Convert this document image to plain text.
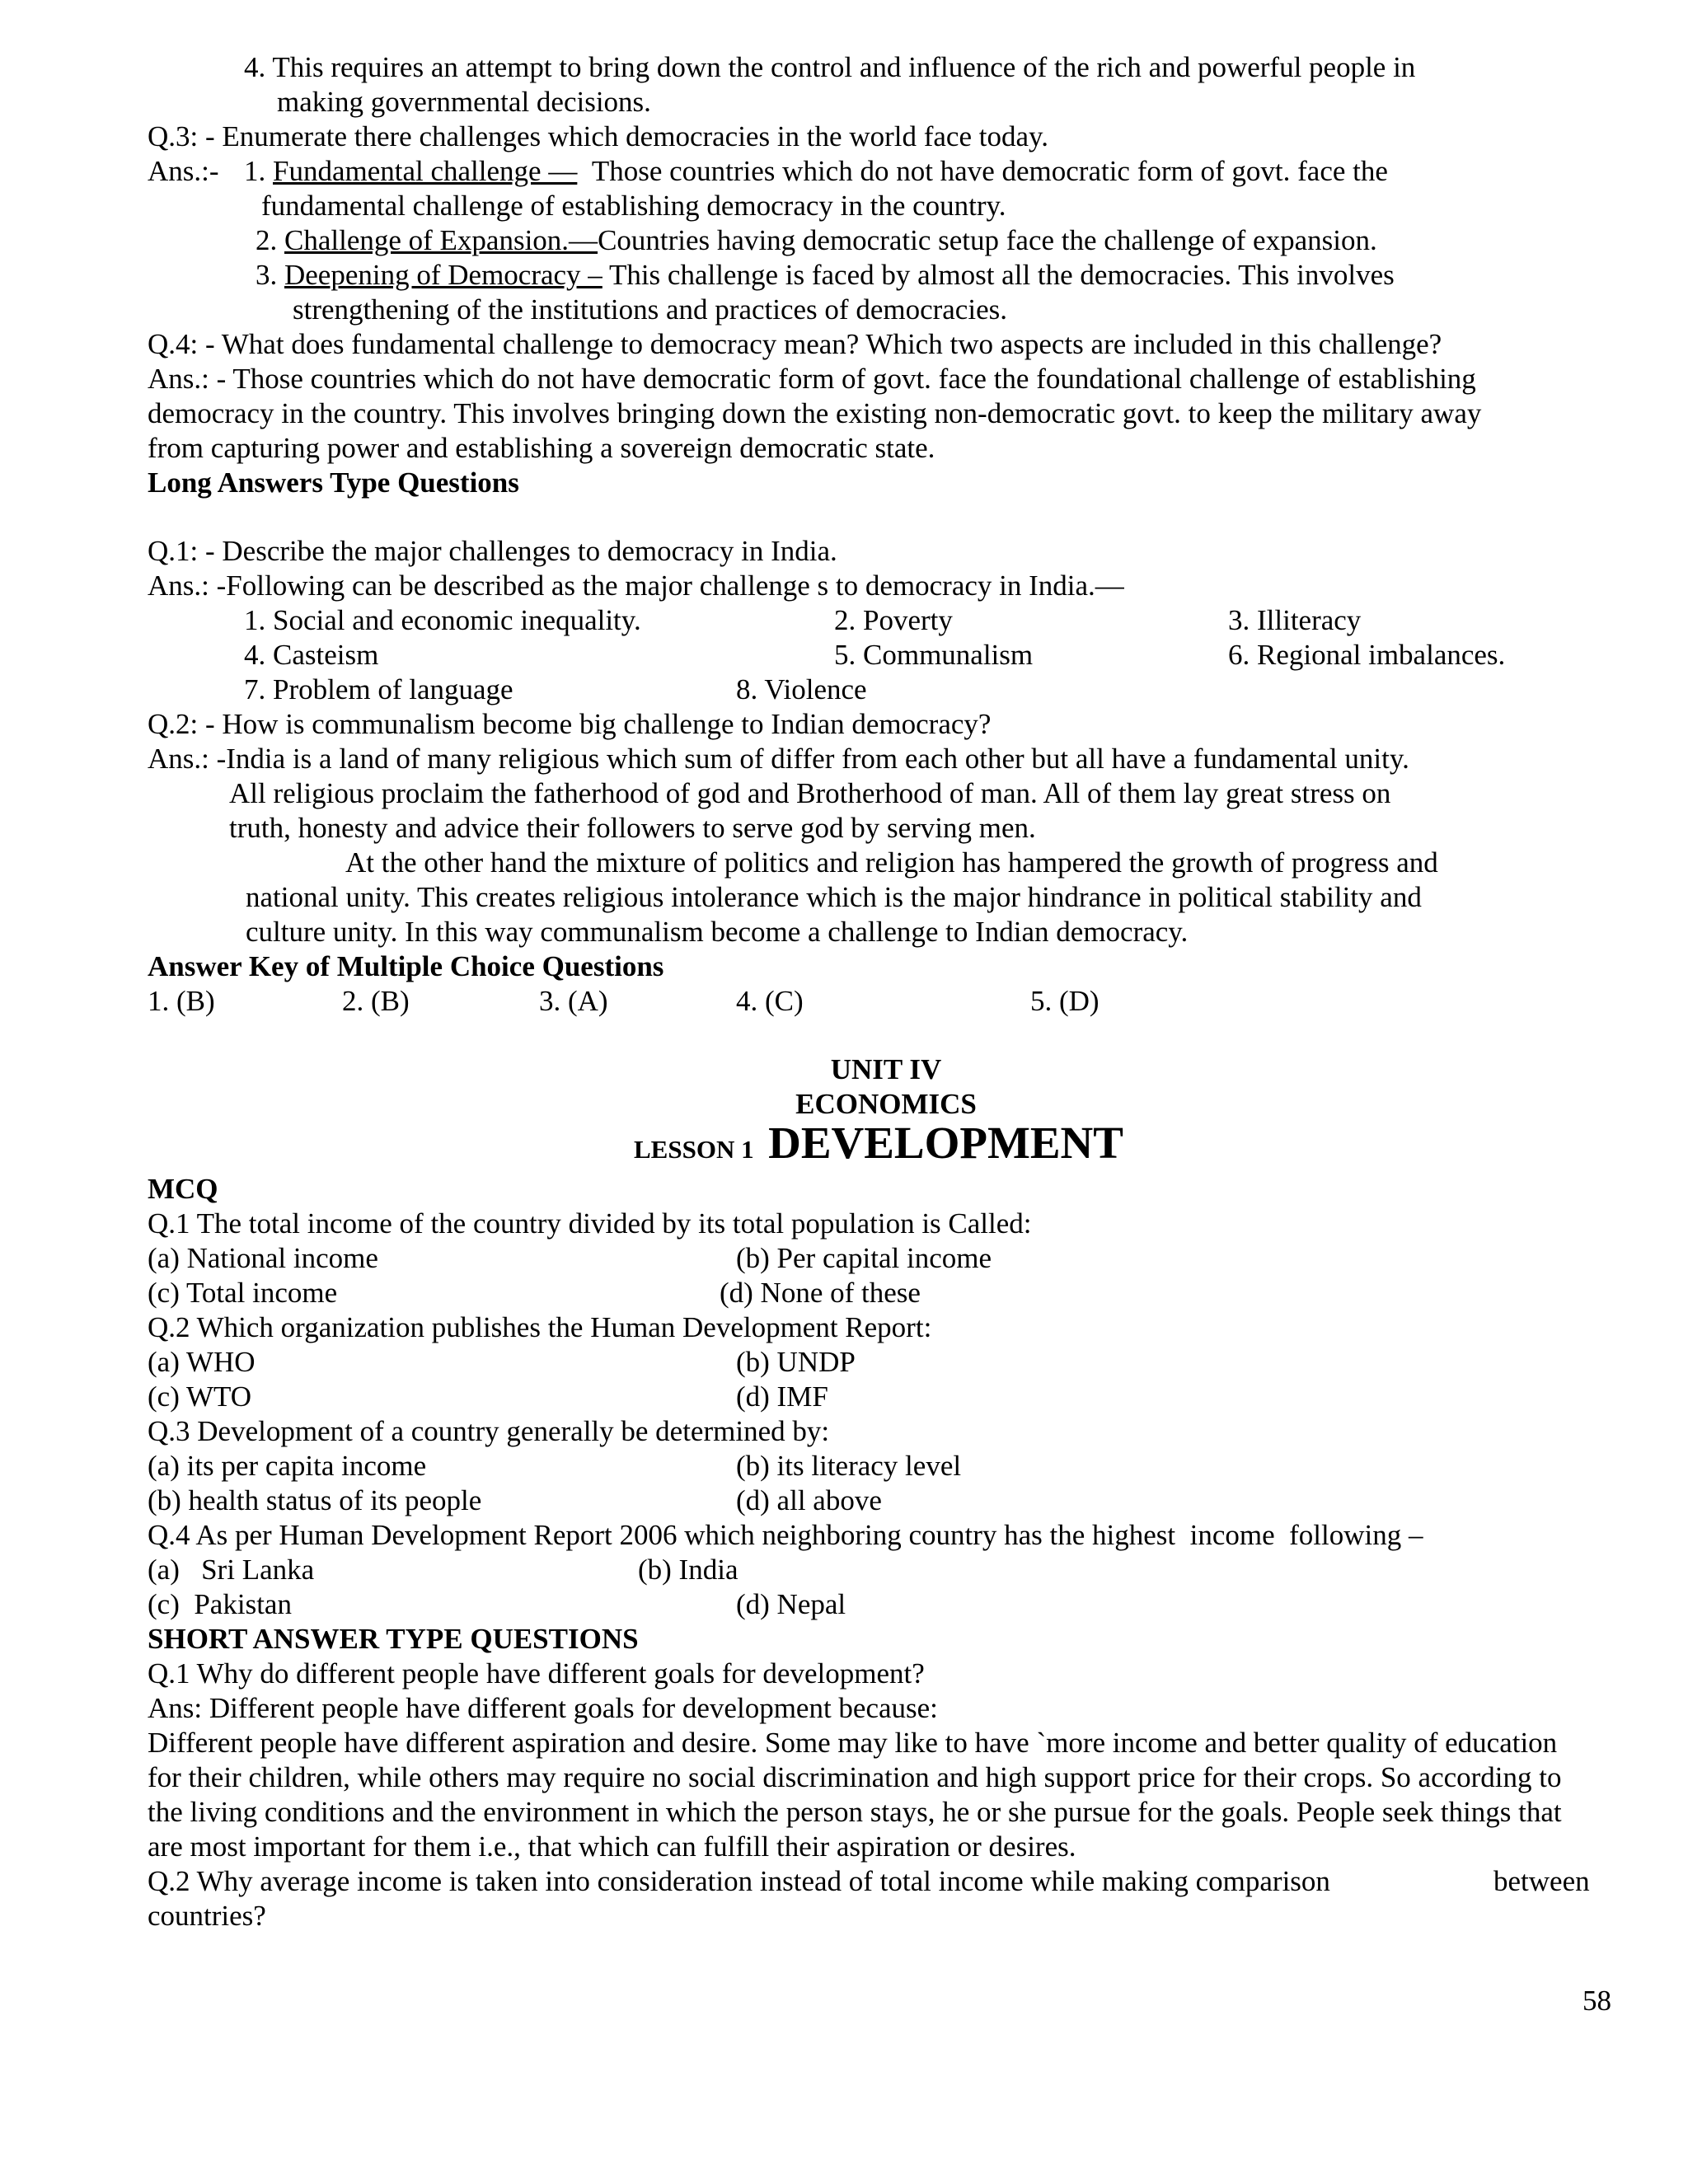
4. This requires an attempt to bring down the control and influence of the rich and powerful people in
making governmental decisions.
Q.3: - Enumerate there challenges which democracies in the world face today.
Ans.:- 1. Fundamental challenge — Those countries which do not have democratic form of govt. face the
fundamental challenge of establishing democracy in the country.
2. Challenge of Expansion.—Countries having democratic setup face the challenge of expansion.
3. Deepening of Democracy – This challenge is faced by almost all the democracies. This involves
strengthening of the institutions and practices of democracies.
Q.4: - What does fundamental challenge to democracy mean? Which two aspects are included in this challenge?
Ans.: - Those countries which do not have democratic form of govt. face the foundational challenge of establishing
democracy in the country. This involves bringing down the existing non-democratic govt. to keep the military away
from capturing power and establishing a sovereign democratic state.
Long Answers Type Questions
Q.1: - Describe the major challenges to democracy in India.
Ans.: -Following can be described as the major challenge s to democracy in India.—
1. Social and economic inequality.	2. Poverty	3. Illiteracy
4. Casteism	5. Communalism	6. Regional imbalances.
7. Problem of language	8. Violence
Q.2: - How is communalism become big challenge to Indian democracy?
Ans.: -India is a land of many religious which sum of differ from each other but all have a fundamental unity.
All religious proclaim the fatherhood of god and Brotherhood of man. All of them lay great stress on
truth, honesty and advice their followers to serve god by serving men.
At the other hand the mixture of politics and religion has hampered the growth of progress and
national unity. This creates religious intolerance which is the major hindrance in political stability and
culture unity. In this way communalism become a challenge to Indian democracy.
Answer Key of Multiple Choice Questions
1. (B)	2. (B)	3. (A)	4. (C)	5. (D)
UNIT IV
ECONOMICS
LESSON 1 DEVELOPMENT
MCQ
Q.1 The total income of the country divided by its total population is Called:
(a) National income	(b) Per capital income
(c) Total income	(d) None of these
Q.2 Which organization publishes the Human Development Report:
(a) WHO	(b) UNDP
(c) WTO	(d) IMF
Q.3 Development of a country generally be determined by:
(a) its per capita income	(b) its literacy level
(b) health status of its people	(d) all above
Q.4 As per Human Development Report 2006 which neighboring country has the highest  income  following –
(a)   Sri Lanka	(b) India
(c)  Pakistan	(d) Nepal
SHORT ANSWER TYPE QUESTIONS
Q.1 Why do different people have different goals for development?
Ans: Different people have different goals for development because:
Different people have different aspiration and desire. Some may like to have `more income and better quality of education
for their children, while others may require no social discrimination and high support price for their crops. So according to
the living conditions and the environment in which the person stays, he or she pursue for the goals. People seek things that
are most important for them i.e., that which can fulfill their aspiration or desires.
Q.2 Why average income is taken into consideration instead of total income while making comparison	between
countries?
58
